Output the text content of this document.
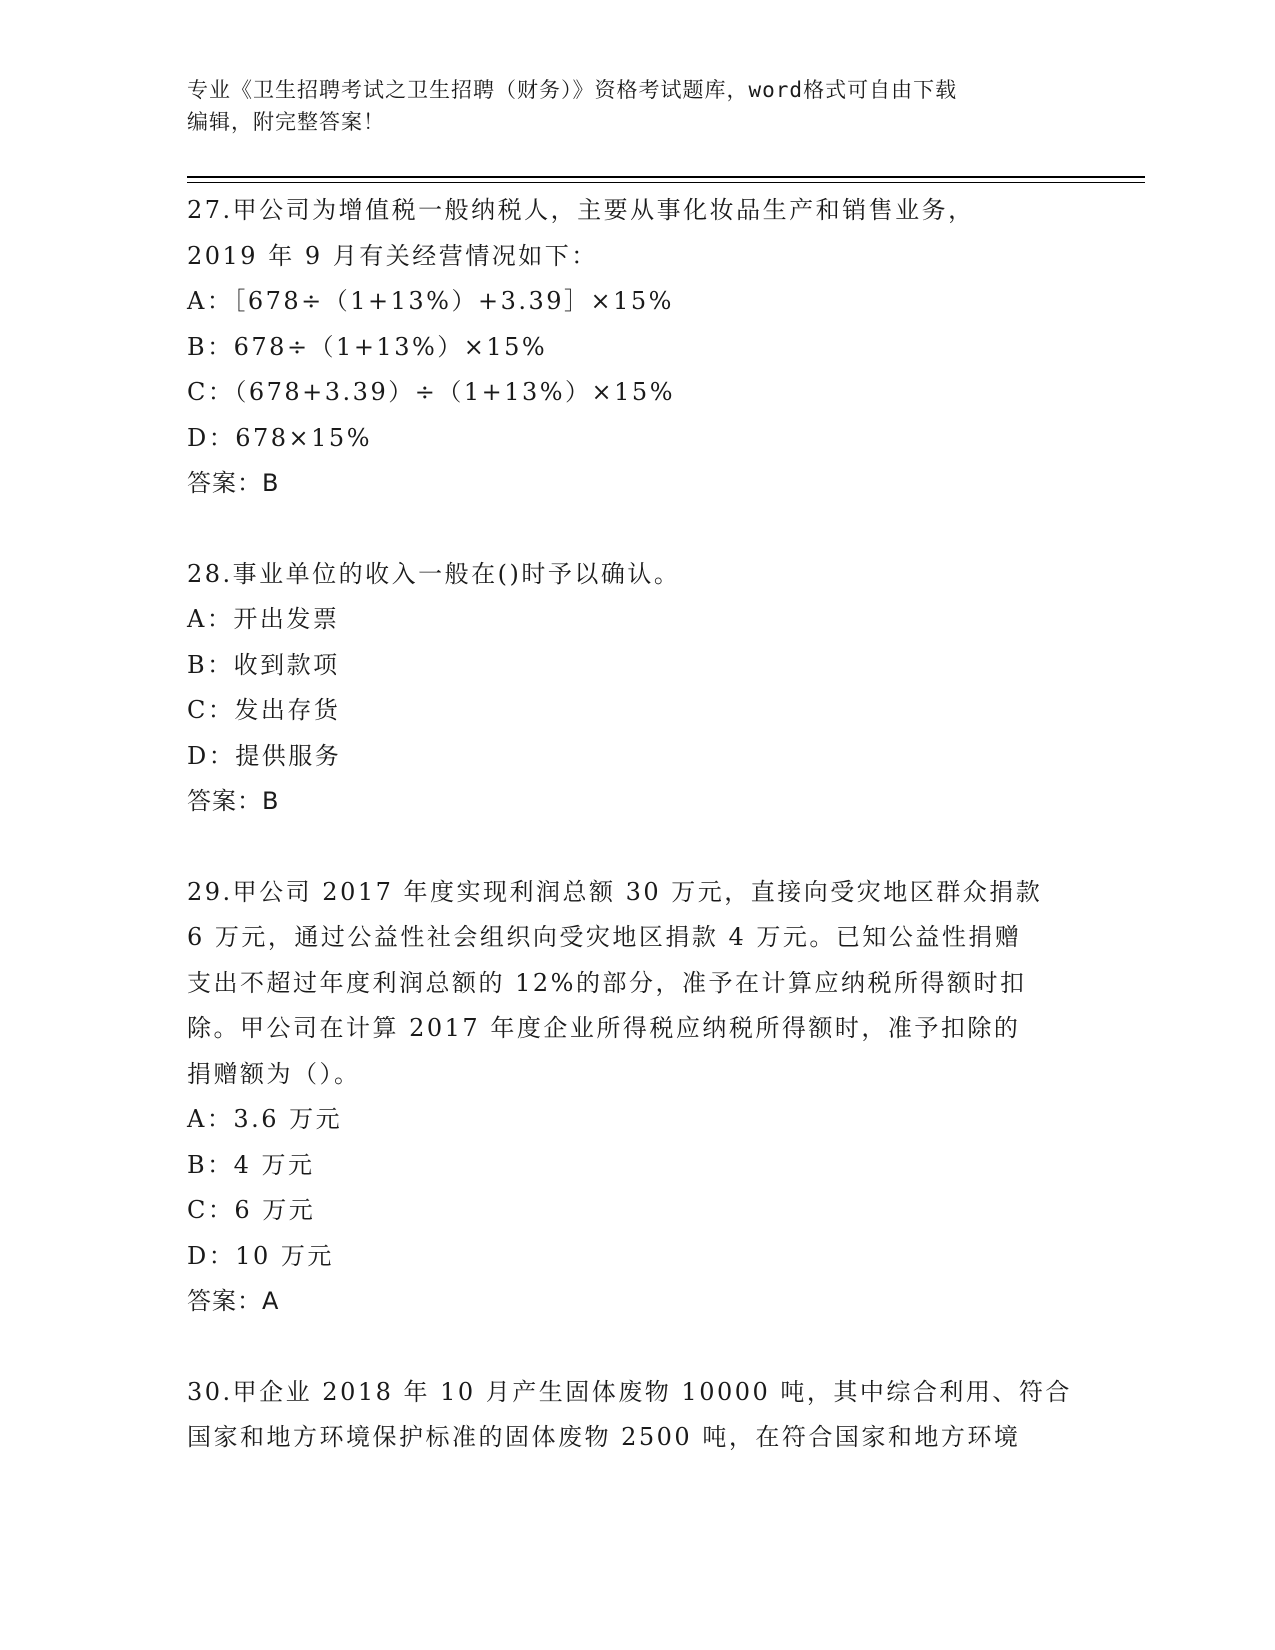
专业《卫生招聘考试之卫生招聘（财务）》资格考试题库，word格式可自由下载

编辑，附完整答案！

27.甲公司为增值税一般纳税人，主要从事化妆品生产和销售业务，

2019 年 9 月有关经营情况如下：

A：［678÷（1+13%）+3.39］×15%

B：678÷（1+13%）×15%

C：（678+3.39）÷（1+13%）×15%

D：678×15%

答案：B

28.事业单位的收入一般在()时予以确认。

A：开出发票

B：收到款项

C：发出存货

D：提供服务

答案：B

29.甲公司 2017 年度实现利润总额 30 万元，直接向受灾地区群众捐款

6 万元，通过公益性社会组织向受灾地区捐款 4 万元。已知公益性捐赠

支出不超过年度利润总额的 12%的部分，准予在计算应纳税所得额时扣

除。甲公司在计算 2017 年度企业所得税应纳税所得额时，准予扣除的

捐赠额为（）。

A：3.6 万元

B：4 万元

C：6 万元

D：10 万元

答案：A

30.甲企业 2018 年 10 月产生固体废物 10000 吨，其中综合利用、符合

国家和地方环境保护标准的固体废物 2500 吨，在符合国家和地方环境
